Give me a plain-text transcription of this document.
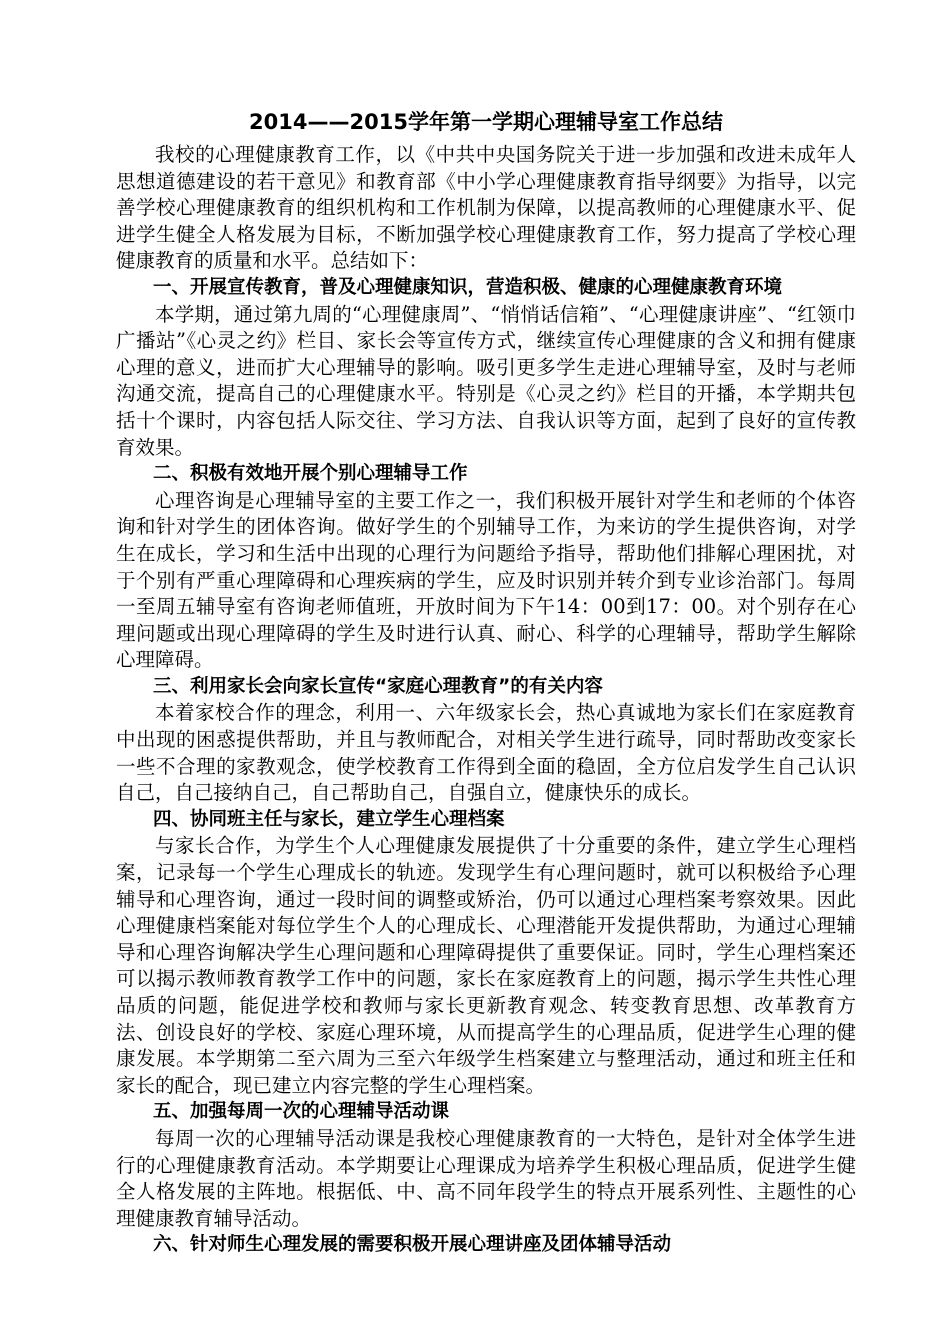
2014——2015学年第一学期心理辅导室工作总结

我校的心理健康教育工作，以《中共中央国务院关于进一步加强和改进未成年人思想道德建设的若干意见》和教育部《中小学心理健康教育指导纲要》为指导，以完善学校心理健康教育的组织机构和工作机制为保障，以提高教师的心理健康水平、促进学生健全人格发展为目标，不断加强学校心理健康教育工作，努力提高了学校心理健康教育的质量和水平。总结如下：

一、开展宣传教育，普及心理健康知识，营造积极、健康的心理健康教育环境

本学期，通过第九周的“心理健康周”、“悄悄话信箱”、“心理健康讲座”、“红领巾广播站”《心灵之约》栏目、家长会等宣传方式，继续宣传心理健康的含义和拥有健康心理的意义，进而扩大心理辅导的影响。吸引更多学生走进心理辅导室，及时与老师沟通交流，提高自己的心理健康水平。特别是《心灵之约》栏目的开播，本学期共包括十个课时，内容包括人际交往、学习方法、自我认识等方面，起到了良好的宣传教育效果。

二、积极有效地开展个别心理辅导工作

心理咨询是心理辅导室的主要工作之一，我们积极开展针对学生和老师的个体咨询和针对学生的团体咨询。做好学生的个别辅导工作，为来访的学生提供咨询，对学生在成长，学习和生活中出现的心理行为问题给予指导，帮助他们排解心理困扰，对于个别有严重心理障碍和心理疾病的学生，应及时识别并转介到专业诊治部门。每周一至周五辅导室有咨询老师值班，开放时间为下午14：00到17：00。对个别存在心理问题或出现心理障碍的学生及时进行认真、耐心、科学的心理辅导，帮助学生解除心理障碍。

三、利用家长会向家长宣传“家庭心理教育”的有关内容

本着家校合作的理念，利用一、六年级家长会，热心真诚地为家长们在家庭教育中出现的困惑提供帮助，并且与教师配合，对相关学生进行疏导，同时帮助改变家长一些不合理的家教观念，使学校教育工作得到全面的稳固，全方位启发学生自己认识自己，自己接纳自己，自己帮助自己，自强自立，健康快乐的成长。

四、协同班主任与家长，建立学生心理档案

与家长合作，为学生个人心理健康发展提供了十分重要的条件，建立学生心理档案，记录每一个学生心理成长的轨迹。发现学生有心理问题时，就可以积极给予心理辅导和心理咨询，通过一段时间的调整或矫治，仍可以通过心理档案考察效果。因此心理健康档案能对每位学生个人的心理成长、心理潜能开发提供帮助，为通过心理辅导和心理咨询解决学生心理问题和心理障碍提供了重要保证。同时，学生心理档案还可以揭示教师教育教学工作中的问题，家长在家庭教育上的问题，揭示学生共性心理品质的问题，能促进学校和教师与家长更新教育观念、转变教育思想、改革教育方法、创设良好的学校、家庭心理环境，从而提高学生的心理品质，促进学生心理的健康发展。本学期第二至六周为三至六年级学生档案建立与整理活动，通过和班主任和家长的配合，现已建立内容完整的学生心理档案。

五、加强每周一次的心理辅导活动课

每周一次的心理辅导活动课是我校心理健康教育的一大特色，是针对全体学生进行的心理健康教育活动。本学期要让心理课成为培养学生积极心理品质，促进学生健全人格发展的主阵地。根据低、中、高不同年段学生的特点开展系列性、主题性的心理健康教育辅导活动。

六、针对师生心理发展的需要积极开展心理讲座及团体辅导活动
